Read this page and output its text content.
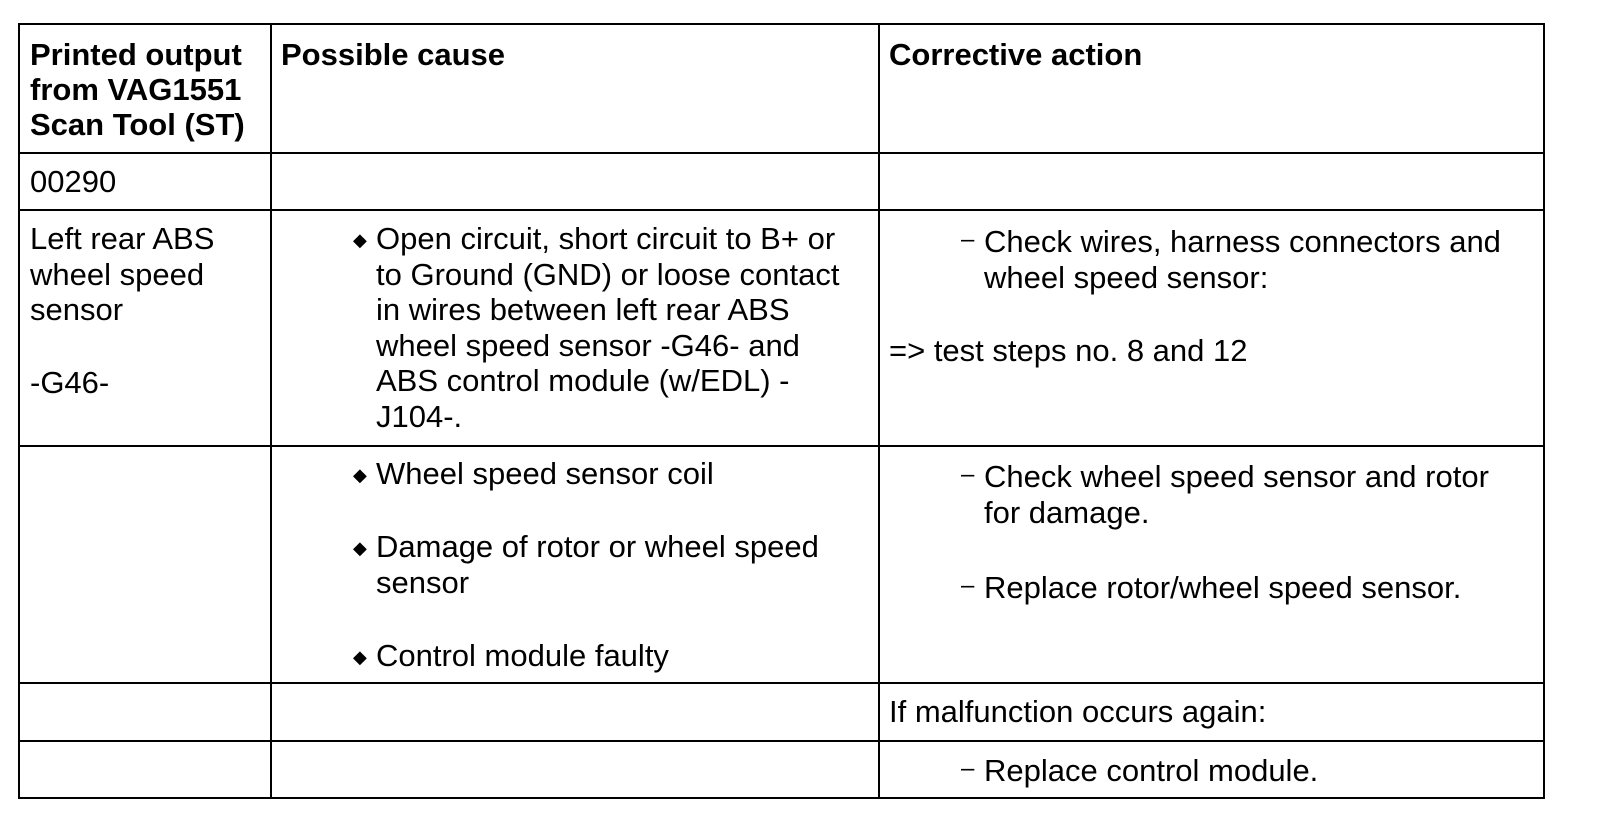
Printed output
from VAG1551
Scan Tool (ST)
Possible cause	Corrective action
00290
Left rear ABS
wheel speed
sensor
-G46-
◆ Open circuit, short circuit to B+ or
to Ground (GND) or loose contact
in wires between left rear ABS
wheel speed sensor -G46- and
ABS control module (w/EDL) -
J104-.
– Check wires, harness connectors and
wheel speed sensor:
=> test steps no. 8 and 12
◆ Wheel speed sensor coil
◆ Damage of rotor or wheel speed
sensor
◆ Control module faulty
– Check wheel speed sensor and rotor
for damage.
– Replace rotor/wheel speed sensor.
If malfunction occurs again:
– Replace control module.
